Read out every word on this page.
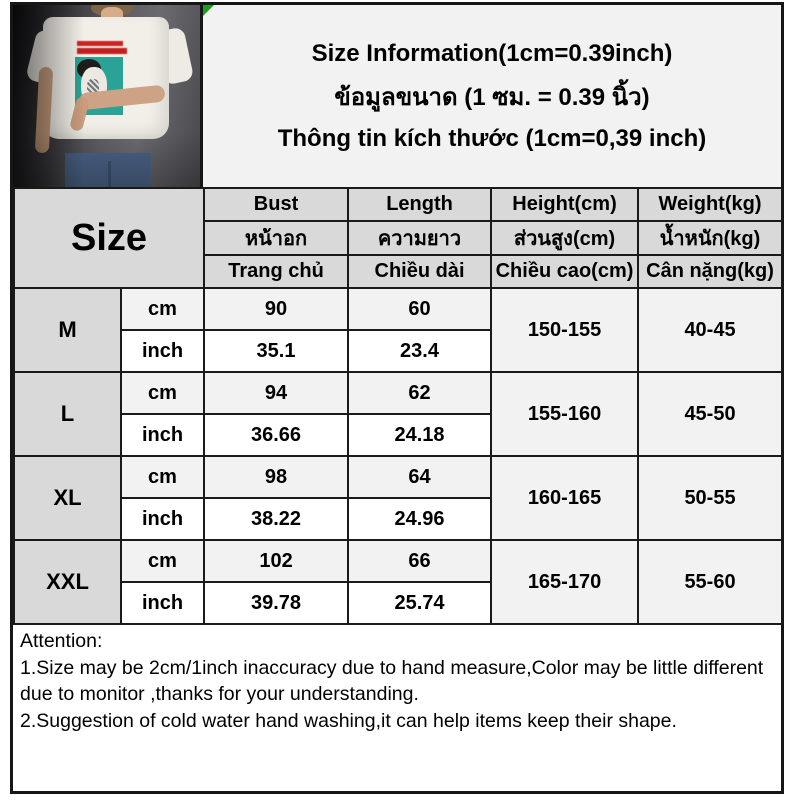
Size Information(1cm=0.39inch)
ข้อมูลขนาด (1 ซม. = 0.39 นิ้ว)
Thông tin kích thước (1cm=0,39 inch)
Size		Bust	Length	Height(cm)	Weight(kg)
		หน้าอก	ความยาว	ส่วนสูง(cm)	น้ำหนัก(kg)
		Trang chủ	Chiều dài	Chiều cao(cm)	Cân nặng(kg)
M	cm	90	60	150-155	40-45
	inch	35.1	23.4		
L	cm	94	62	155-160	45-50
	inch	36.66	24.18		
XL	cm	98	64	160-165	50-55
	inch	38.22	24.96		
XXL	cm	102	66	165-170	55-60
	inch	39.78	25.74		
Attention:
1.Size may be 2cm/1inch inaccuracy due to hand measure,Color may be little different due to monitor ,thanks for your understanding.
2.Suggestion of cold water hand washing,it can help items keep their shape.
